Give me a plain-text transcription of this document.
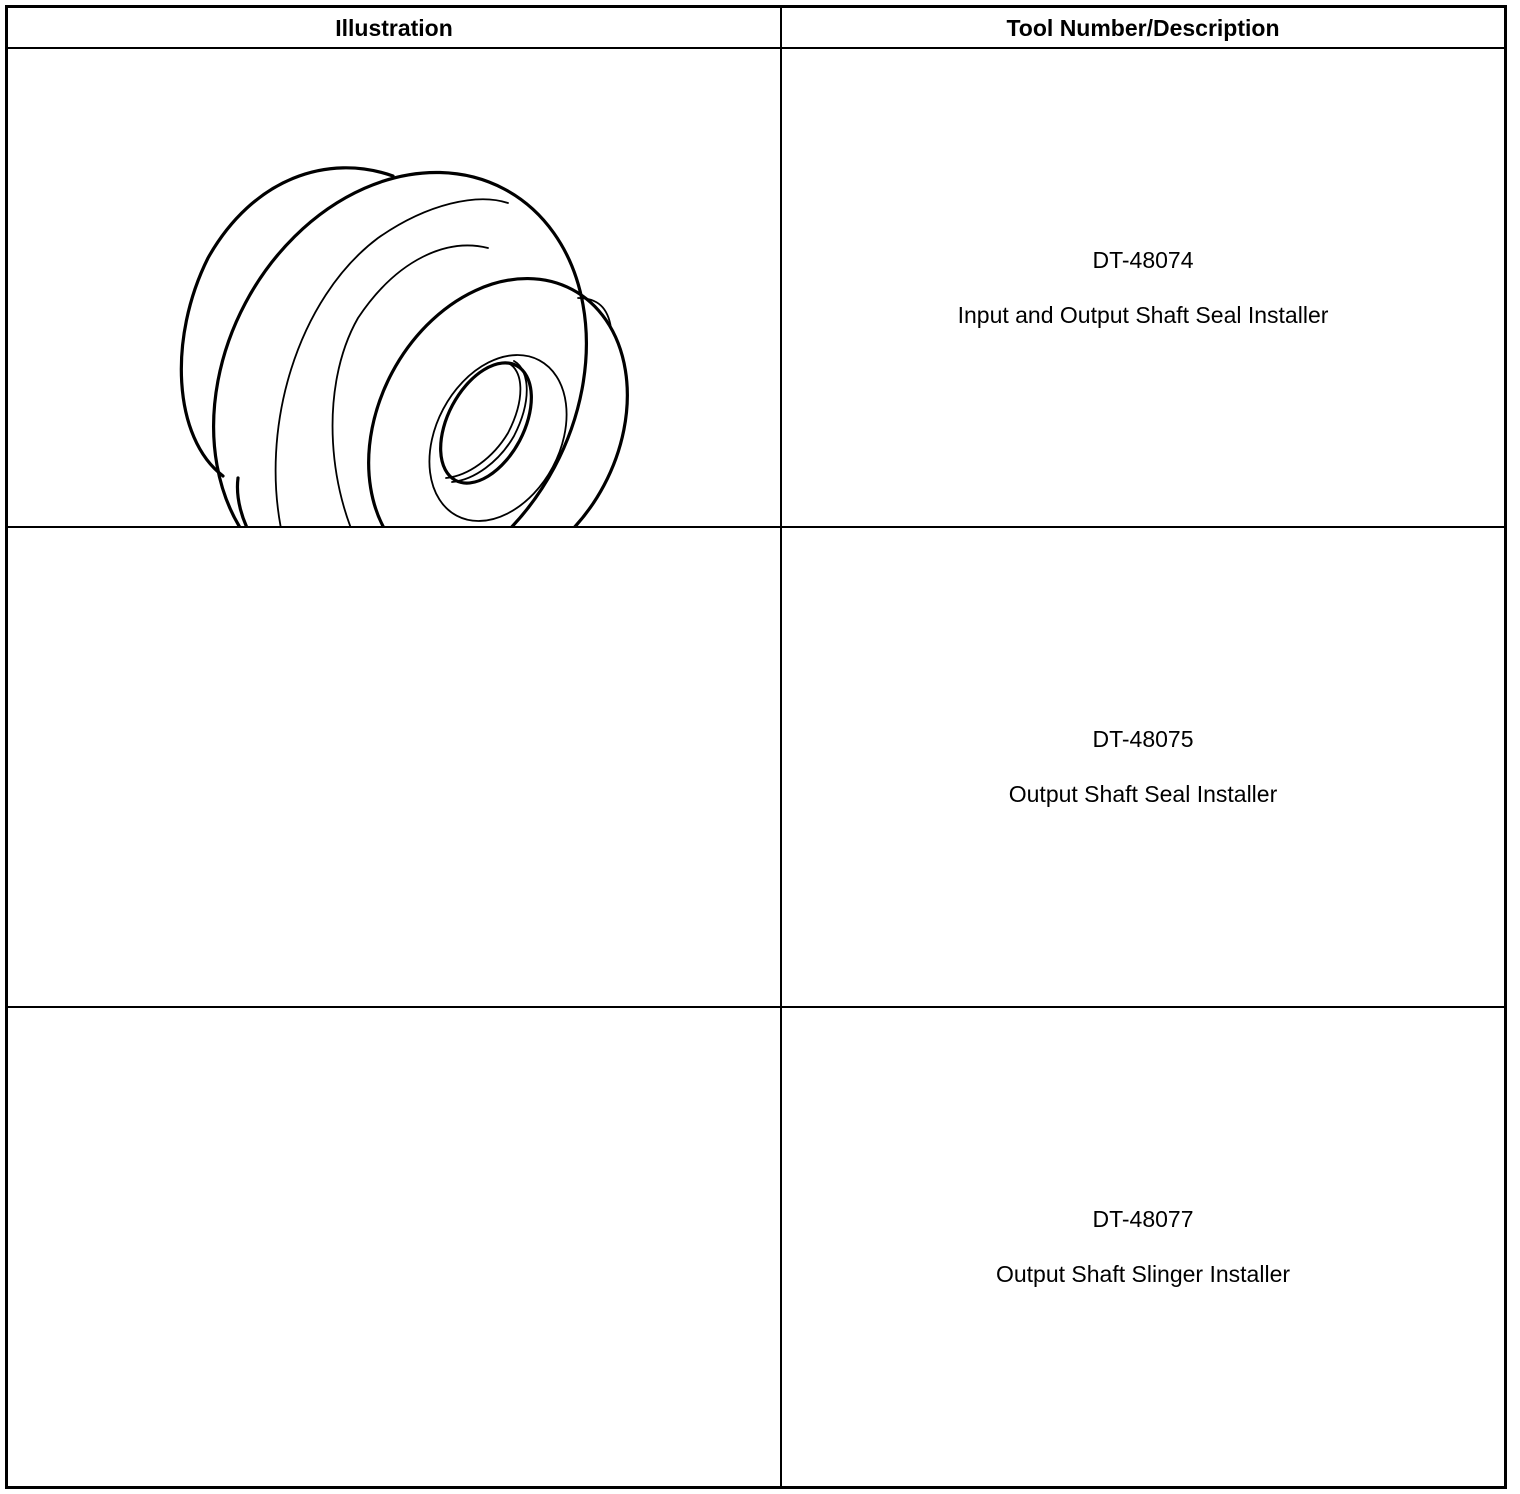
Illustration	Tool Number/Description
DT-48074
Input and Output Shaft Seal Installer
DT-48075
Output Shaft Seal Installer
DT-48077
Output Shaft Slinger Installer
